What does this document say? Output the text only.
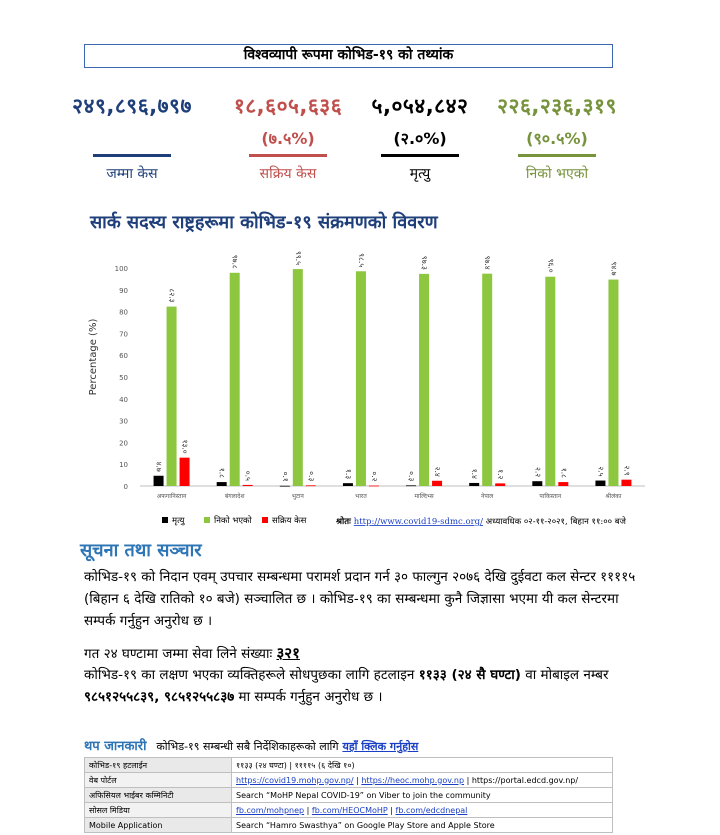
विश्वव्यापी रूपमा कोभिड-१९ को तथ्यांक
२४९,८९६,७९७
जम्मा केस
१८,६०५,६३६
(७.५%)
सक्रिय केस
५,०५४,८४२
(२.०%)
मृत्यु
२२६,२३६,३१९
(९०.५%)
निको भएको
सार्क सदस्य राष्ट्रहरूमा कोभिड-१९ संक्रमणको विवरण
0
10
20
30
40
50
60
70
80
90
100
अफगानिस्तान	बंगलादेश	भुटान	भारत	माल्दिभ्स	नेपाल	पाकिस्तान	श्रीलंका
४.७
८२.३
१३.०
१.८
९७.८
०.५	०.१
९९.५
०.३	१.३
९८.५
०.२	०.३
९७.३
२.४	१.४
९७.४
१.२	२.२
९६.०
१.८	२.५
९४.७
२.९
मृत्यु	निको भएको सक्रिय केस
Percentage (%)
श्रोतः http://www.covid19-sdmc.org/ अध्यावधिक ०२-११-२०२१, बिहान ११:०० बजे
सूचना तथा सञ्चार
कोभिड-१९ को निदान एवम् उपचार सम्बन्धमा परामर्श प्रदान गर्न ३० फाल्गुन २०७६ देखि दुईवटा कल सेन्टर ११११५ (बिहान ६ देखि रातिको १० बजे) सञ्चालित छ । कोभिड-१९ का सम्बन्धमा कुनै जिज्ञासा भएमा यी कल सेन्टरमा सम्पर्क गर्नुहुन अनुरोध छ ।
गत २४ घण्टामा जम्मा सेवा लिने संख्याः ३२१
कोभिड-१९ का लक्षण भएका व्यक्तिहरूले सोधपुछका लागि हटलाइन ११३३ (२४ सै घण्टा) वा मोबाइल नम्बर ९८५१२५५८३९, ९८५१२५५८३७ मा सम्पर्क गर्नुहुन अनुरोध छ ।
थप जानकारी कोभिड-१९ सम्बन्धी सबै निर्देशिकाहरूको लागि यहाँ क्लिक गर्नुहोस
कोभिड-१९ हटलाईन	११३३ (२४ घण्टा) | ११११५ (६ देखि १०)
वेब पोर्टल	https://covid19.mohp.gov.np/ | https://heoc.mohp.gov.np | https://portal.edcd.gov.np/
अफिसियल भाईबर कम्मिनिटी	Search “MoHP Nepal COVID-19” on Viber to join the community
सोसल मिडिया	fb.com/mohpnep | fb.com/HEOCMoHP | fb.com/edcdnepal
Mobile Application	Search “Hamro Swasthya” on Google Play Store and Apple Store
